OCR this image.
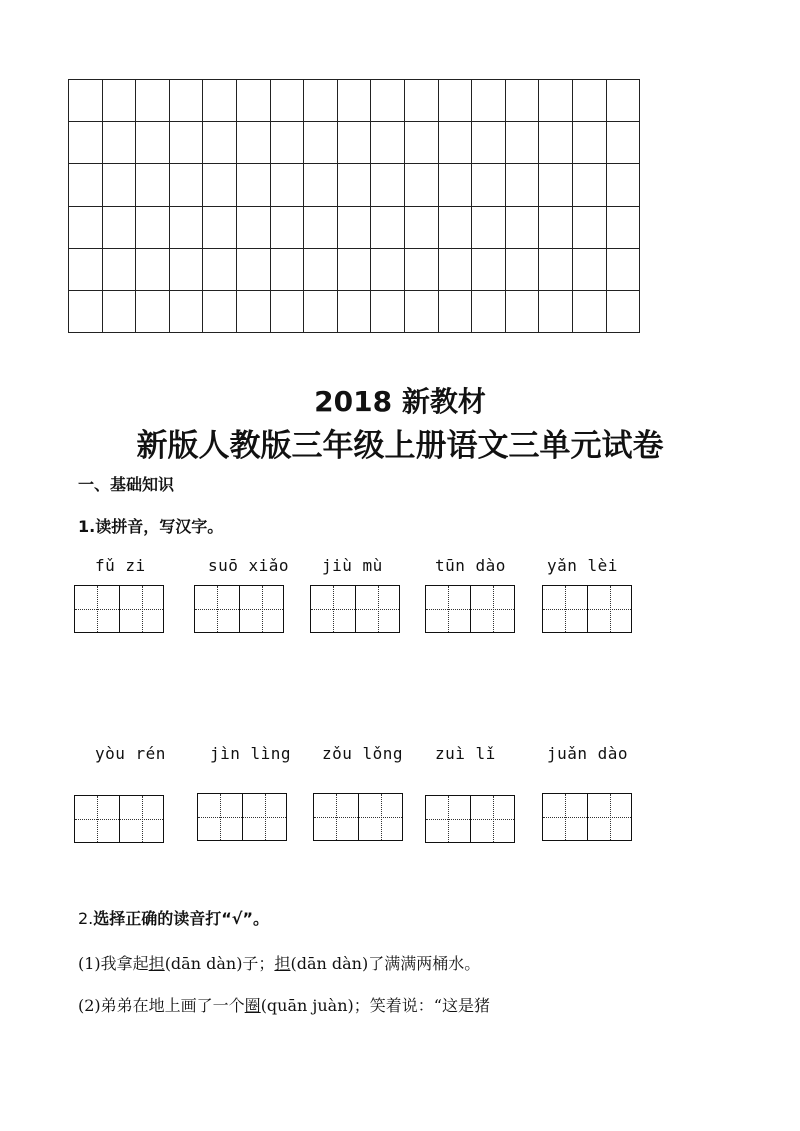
2018 新教材
新版人教版三年级上册语文三单元试卷
一、基础知识
1.读拼音，写汉字。
fǔ zi	suō xiǎo jiù mù	tūn dào	yǎn lèi
yòu rén	jìn lìng zǒu lǒng zuì lǐ	juǎn dào
2.选择正确的读音打“√”。
(1)我拿起担(dān dàn)子；担(dān dàn)了满满两桶水。
(2)弟弟在地上画了一个圈(quān juàn)；笑着说：“这是猪
